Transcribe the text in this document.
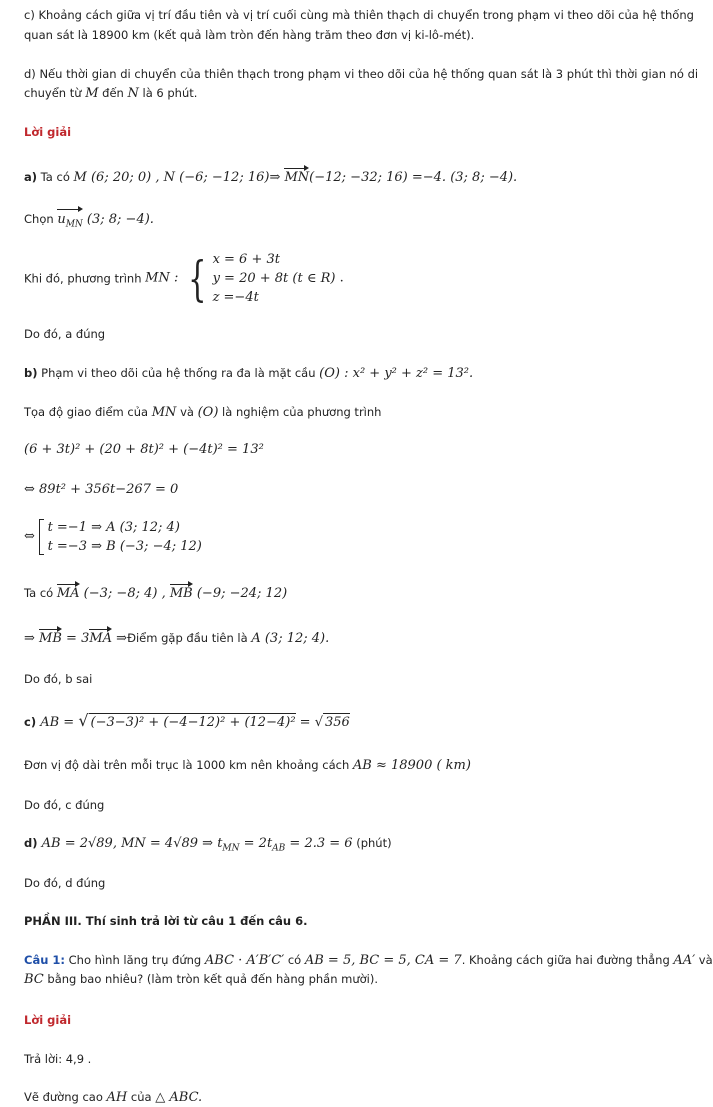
c) Khoảng cách giữa vị trí đầu tiên và vị trí cuối cùng mà thiên thạch di chuyển trong phạm vi theo dõi của hệ thống
quan sát là 18900 km (kết quả làm tròn đến hàng trăm theo đơn vị ki-lô-mét).
d) Nếu thời gian di chuyển của thiên thạch trong phạm vi theo dõi của hệ thống quan sát là 3 phút thì thời gian nó di
chuyển từ M đến N là 6 phút.
Lời giải
a) Ta có M (6; 20; 0) , N (−6; −12; 16)⇒ MN(−12; −32; 16) =−4. (3; 8; −4).
Chọn $u_{MN}$ (3; 8; −4).
Khi đó, phương trình MN : { x = 6 + 3t
y = 20 + 8t (t ∈ R)
z =−4t
.
Do đó, a đúng
b) Phạm vi theo dõi của hệ thống ra đa là mặt cầu (O) : x² + y² + z² = 13².
Tọa độ giao điểm của MN và (O) là nghiệm của phương trình
(6 + 3t)² + (20 + 8t)² + (−4t)² = 13²
⇔ 89t² + 356t−267 = 0
⇔
t =−1 ⇒ A (3; 12; 4)
t =−3 ⇒ B (−3; −4; 12)
Ta có MA (−3; −8; 4) , MB (−9; −24; 12)
⇒ MB = 3MA ⇒Điểm gặp đầu tiên là A (3; 12; 4).
Do đó, b sai
c) AB = √ (−3−3)² + (−4−12)² + (12−4)² = √ 356
Đơn vị độ dài trên mỗi trục là 1000 km nên khoảng cách AB ≈ 18900 ( km)
Do đó, c đúng
d) AB = 2√89, MN = 4√89 ⇒ $t_{MN} = 2t_{AB} = 2.3 = 6$ (phút)
Do đó, d đúng
PHẦN III. Thí sinh trả lời từ câu 1 đến câu 6.
Câu 1: Cho hình lăng trụ đứng ABC · A′B′C′ có AB = 5, BC = 5, CA = 7. Khoảng cách giữa hai đường thẳng AA′ và
BC bằng bao nhiêu? (làm tròn kết quả đến hàng phần mười).
Lời giải
Trả lời: 4,9 .
Vẽ đường cao AH của △ ABC.
